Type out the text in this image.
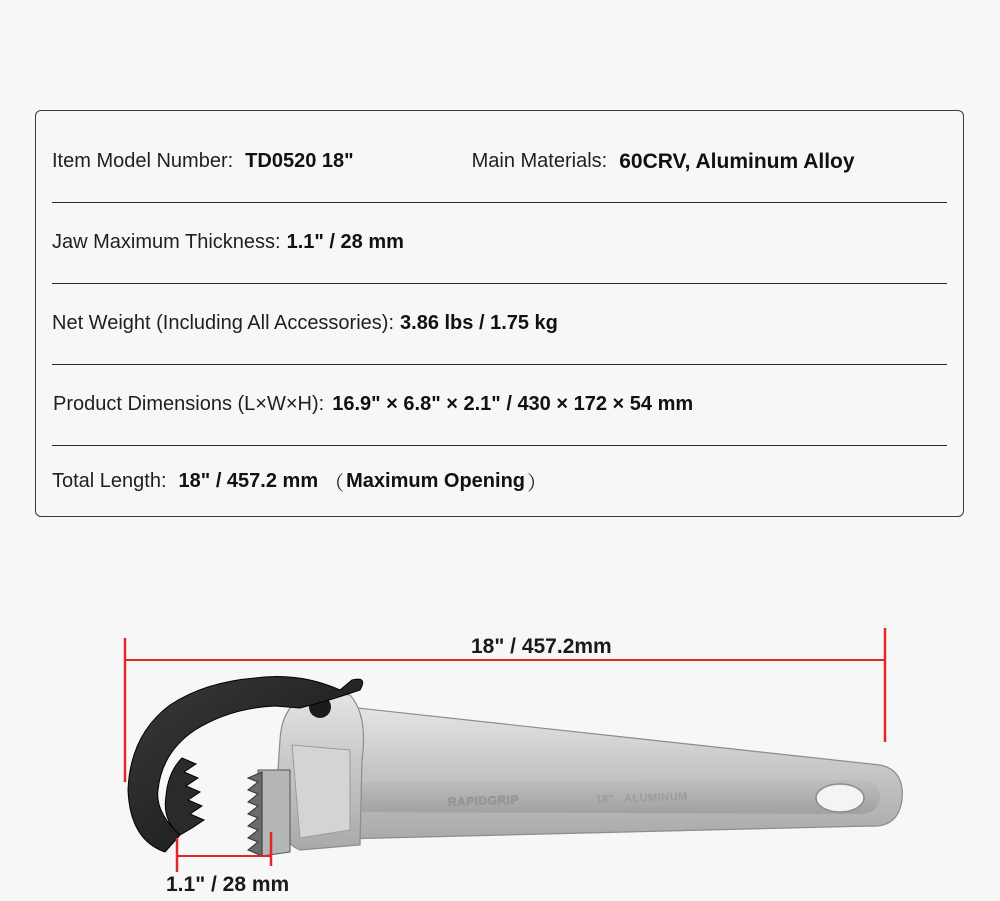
Item Model Number: TD0520 18"	Main Materials: 60CRV, Aluminum Alloy
Jaw Maximum Thickness: 1.1" / 28 mm
Net Weight (Including All Accessories): 3.86 lbs / 1.75 kg
Product Dimensions (L×W×H): 16.9" × 6.8" × 2.1" / 430 × 172 × 54 mm
Total Length: 18" / 457.2 mm （ Maximum Opening ）
RAPIDGRIP	18" ALUMINUM
18" / 457.2mm
1.1" / 28 mm
